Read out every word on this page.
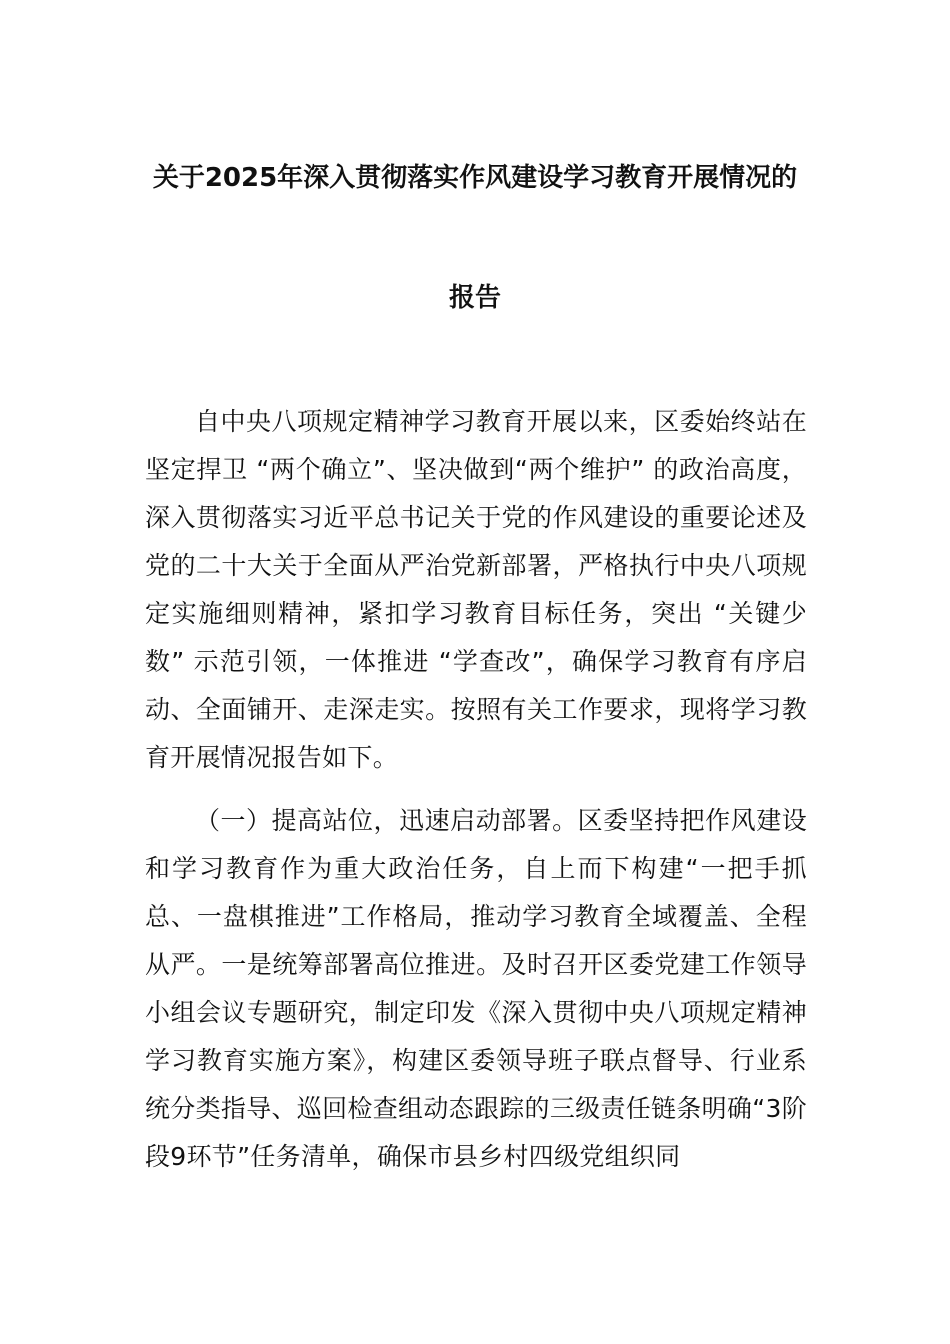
关于2025年深入贯彻落实作风建设学习教育开展情况的
报告

自中央八项规定精神学习教育开展以来，区委始终站在坚定捍卫 “两个确立”、坚决做到“两个维护” 的政治高度，深入贯彻落实习近平总书记关于党的作风建设的重要论述及党的二十大关于全面从严治党新部署，严格执行中央八项规定实施细则精神，紧扣学习教育目标任务，突出 “关键少数” 示范引领，一体推进 “学查改”，确保学习教育有序启动、全面铺开、走深走实。按照有关工作要求，现将学习教育开展情况报告如下。

（一）提高站位，迅速启动部署。区委坚持把作风建设和学习教育作为重大政治任务，自上而下构建“一把手抓总、一盘棋推进”工作格局，推动学习教育全域覆盖、全程从严。一是统筹部署高位推进。及时召开区委党建工作领导小组会议专题研究，制定印发《深入贯彻中央八项规定精神学习教育实施方案》，构建区委领导班子联点督导、行业系统分类指导、巡回检查组动态跟踪的三级责任链条明确“3阶段9环节”任务清单，确保市县乡村四级党组织同
